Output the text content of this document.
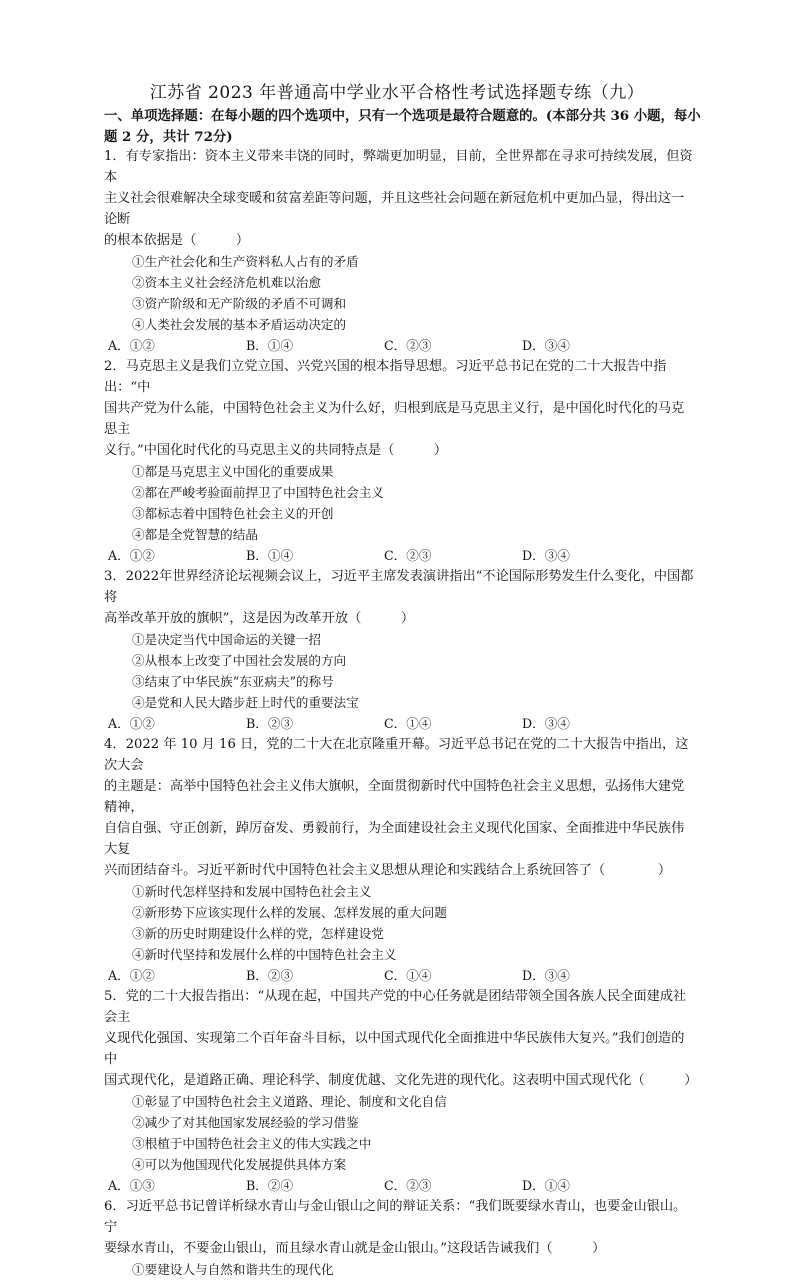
江苏省 2023 年普通高中学业水平合格性考试选择题专练（九）
一、单项选择题：在每小题的四个选项中，只有一个选项是最符合题意的。(本部分共 36 小题，每小题 2 分，共计 72分)
1．有专家指出：资本主义带来丰饶的同时，弊端更加明显，目前，全世界都在寻求可持续发展，但资本
主义社会很难解决全球变暖和贫富差距等问题，并且这些社会问题在新冠危机中更加凸显，得出这一论断
的根本依据是（　　　）
①生产社会化和生产资料私人占有的矛盾
②资本主义社会经济危机难以治愈
③资产阶级和无产阶级的矛盾不可调和
④人类社会发展的基本矛盾运动决定的
A．①②	B．①④	C．②③	D．③④
2．马克思主义是我们立党立国、兴党兴国的根本指导思想。习近平总书记在党的二十大报告中指出：“中
国共产党为什么能，中国特色社会主义为什么好，归根到底是马克思主义行，是中国化时代化的马克思主
义行。”中国化时代化的马克思主义的共同特点是（　　　）
①都是马克思主义中国化的重要成果
②都在严峻考验面前捍卫了中国特色社会主义
③都标志着中国特色社会主义的开创
④都是全党智慧的结晶
A．①②	B．①④	C．②③	D．③④
3．2022年世界经济论坛视频会议上，习近平主席发表演讲指出“不论国际形势发生什么变化，中国都将
高举改革开放的旗帜”，这是因为改革开放（　　　）
①是决定当代中国命运的关键一招
②从根本上改变了中国社会发展的方向
③结束了中华民族“东亚病夫”的称号
④是党和人民大踏步赶上时代的重要法宝
A．①②	B．②③	C．①④	D．③④
4．2022 年 10 月 16 日，党的二十大在北京隆重开幕。习近平总书记在党的二十大报告中指出，这次大会
的主题是：高举中国特色社会主义伟大旗帜，全面贯彻新时代中国特色社会主义思想，弘扬伟大建党精神，
自信自强、守正创新，踔厉奋发、勇毅前行，为全面建设社会主义现代化国家、全面推进中华民族伟大复
兴而团结奋斗。习近平新时代中国特色社会主义思想从理论和实践结合上系统回答了（　　　　）
①新时代怎样坚持和发展中国特色社会主义
②新形势下应该实现什么样的发展、怎样发展的重大问题
③新的历史时期建设什么样的党，怎样建设党
④新时代坚持和发展什么样的中国特色社会主义
A．①②	B．②③	C．①④	D．③④
5．党的二十大报告指出：“从现在起，中国共产党的中心任务就是团结带领全国各族人民全面建成社会主
义现代化强国、实现第二个百年奋斗目标，以中国式现代化全面推进中华民族伟大复兴。”我们创造的中
国式现代化，是道路正确、理论科学、制度优越、文化先进的现代化。这表明中国式现代化（　　　）
①彰显了中国特色社会主义道路、理论、制度和文化自信
②减少了对其他国家发展经验的学习借鉴
③根植于中国特色社会主义的伟大实践之中
④可以为他国现代化发展提供具体方案
A．①③	B．②④	C．②③	D．①④
6．习近平总书记曾详析绿水青山与金山银山之间的辩证关系：“我们既要绿水青山，也要金山银山。宁
要绿水青山，不要金山银山，而且绿水青山就是金山银山。”这段话告诫我们（　　　）
①要建设人与自然和谐共生的现代化
